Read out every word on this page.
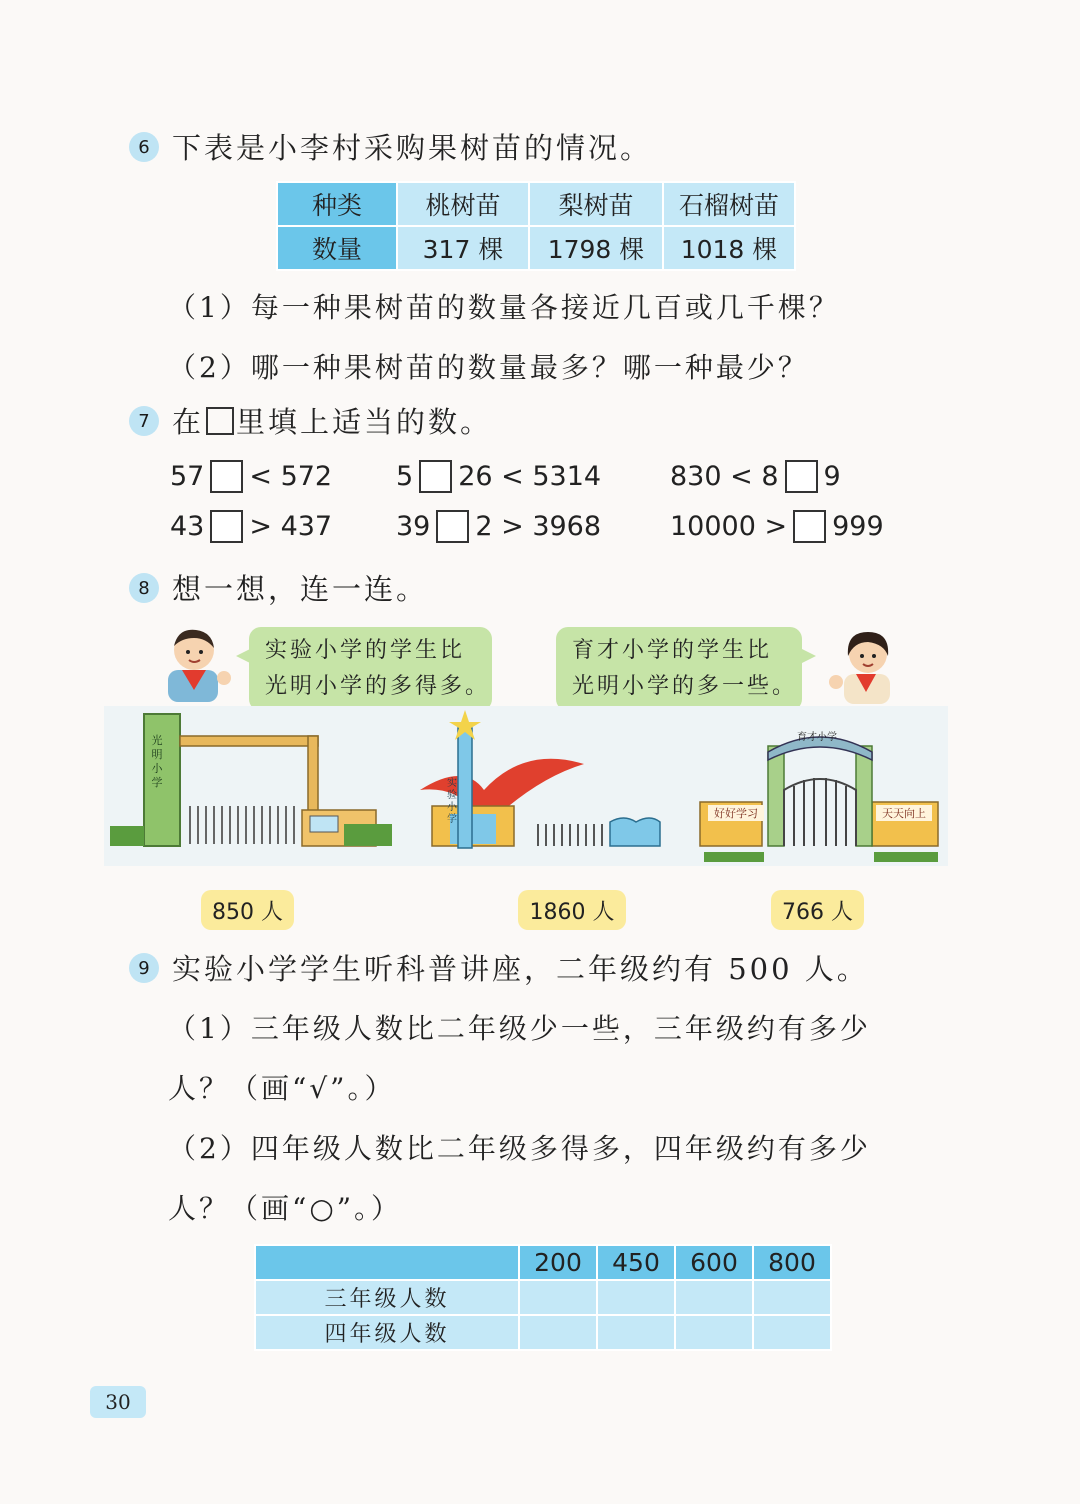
6 下表是小李村采购果树苗的情况。
种类	桃树苗	梨树苗	石榴树苗
数量	317 棵	1798 棵	1018 棵
（1）每一种果树苗的数量各接近几百或几千棵？
（2）哪一种果树苗的数量最多？哪一种最少？
7 在 里填上适当的数。
57 < 572 5 26 < 5314	830 < 8 9
43 > 437 39 2 > 3968	10000 > 999
8 想一想，连一连。
实验小学的学生比
光明小学的多得多。
育才小学的学生比
光明小学的多一些。
光明小学	实验小学
育才小学
好好学习	天天向上
850 人	1860 人	766 人
9 实验小学学生听科普讲座，二年级约有 500 人。
（1）三年级人数比二年级少一些，三年级约有多少
人？（画“√”。）
（2）四年级人数比二年级多得多，四年级约有多少
人？（画“○”。）
	200	450	600	800
三年级人数				
四年级人数				
30
